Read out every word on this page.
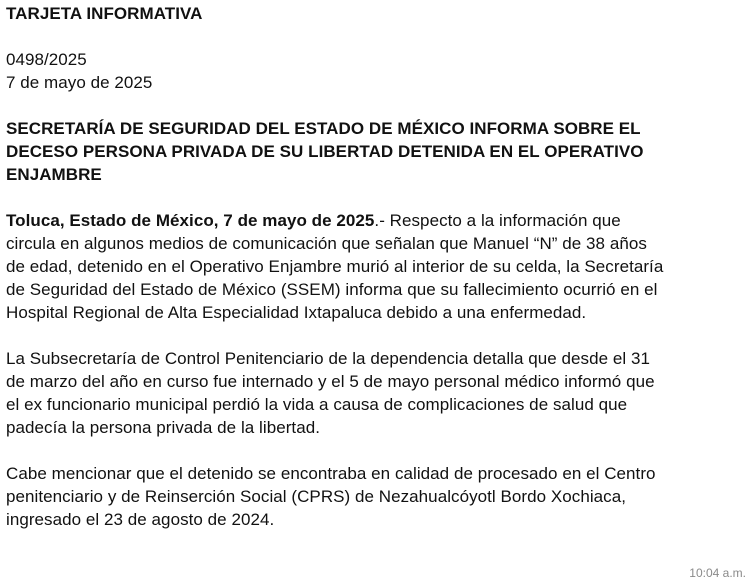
TARJETA INFORMATIVA
0498/2025
7 de mayo de 2025
SECRETARÍA DE SEGURIDAD DEL ESTADO DE MÉXICO INFORMA SOBRE EL
DECESO PERSONA PRIVADA DE SU LIBERTAD DETENIDA EN EL OPERATIVO
ENJAMBRE
Toluca, Estado de México, 7 de mayo de 2025.- Respecto a la información que
circula en algunos medios de comunicación que señalan que Manuel “N” de 38 años
de edad, detenido en el Operativo Enjambre murió al interior de su celda, la Secretaría
de Seguridad del Estado de México (SSEM) informa que su fallecimiento ocurrió en el
Hospital Regional de Alta Especialidad Ixtapaluca debido a una enfermedad.
La Subsecretaría de Control Penitenciario de la dependencia detalla que desde el 31
de marzo del año en curso fue internado y el 5 de mayo personal médico informó que
el ex funcionario municipal perdió la vida a causa de complicaciones de salud que
padecía la persona privada de la libertad.
Cabe mencionar que el detenido se encontraba en calidad de procesado en el Centro
penitenciario y de Reinserción Social (CPRS) de Nezahualcóyotl Bordo Xochiaca,
ingresado el 23 de agosto de 2024.
10:04 a.m.
